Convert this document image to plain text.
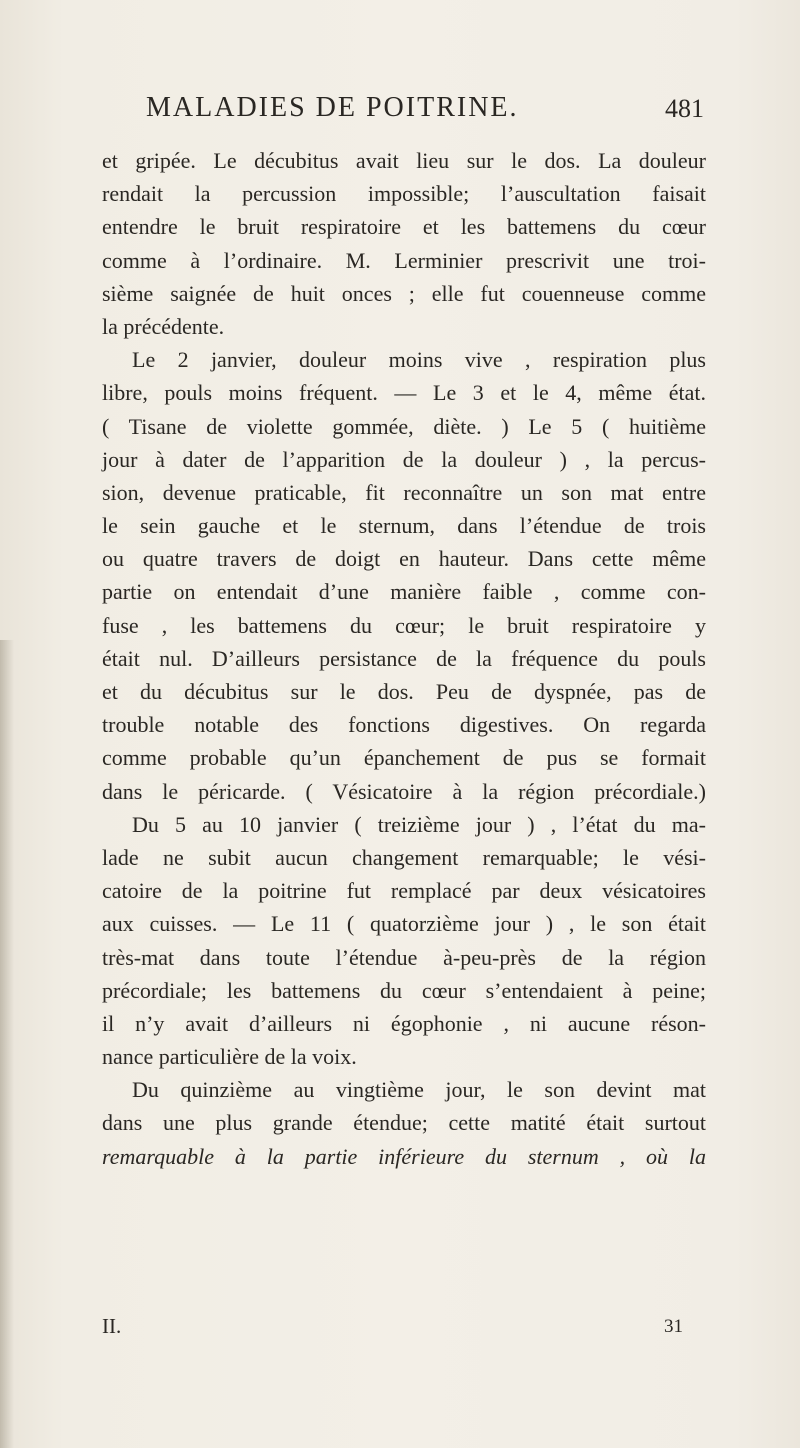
MALADIES DE POITRINE.	481
et gripée. Le décubitus avait lieu sur le dos. La douleur
rendait la percussion impossible; l’auscultation faisait
entendre le bruit respiratoire et les battemens du cœur
comme à l’ordinaire. M. Lerminier prescrivit une troi-
sième saignée de huit onces ; elle fut couenneuse comme
la précédente.
Le 2 janvier, douleur moins vive , respiration plus
libre, pouls moins fréquent. — Le 3 et le 4, même état.
( Tisane de violette gommée, diète. ) Le 5 ( huitième
jour à dater de l’apparition de la douleur ) , la percus-
sion, devenue praticable, fit reconnaître un son mat entre
le sein gauche et le sternum, dans l’étendue de trois
ou quatre travers de doigt en hauteur. Dans cette même
partie on entendait d’une manière faible , comme con-
fuse , les battemens du cœur; le bruit respiratoire y
était nul. D’ailleurs persistance de la fréquence du pouls
et du décubitus sur le dos. Peu de dyspnée, pas de
trouble notable des fonctions digestives. On regarda
comme probable qu’un épanchement de pus se formait
dans le péricarde. ( Vésicatoire à la région précordiale.)
Du 5 au 10 janvier ( treizième jour ) , l’état du ma-
lade ne subit aucun changement remarquable; le vési-
catoire de la poitrine fut remplacé par deux vésicatoires
aux cuisses. — Le 11 ( quatorzième jour ) , le son était
très-mat dans toute l’étendue à-peu-près de la région
précordiale; les battemens du cœur s’entendaient à peine;
il n’y avait d’ailleurs ni égophonie , ni aucune réson-
nance particulière de la voix.
Du quinzième au vingtième jour, le son devint mat
dans une plus grande étendue; cette matité était surtout
remarquable à la partie inférieure du sternum , où la
II.	31
